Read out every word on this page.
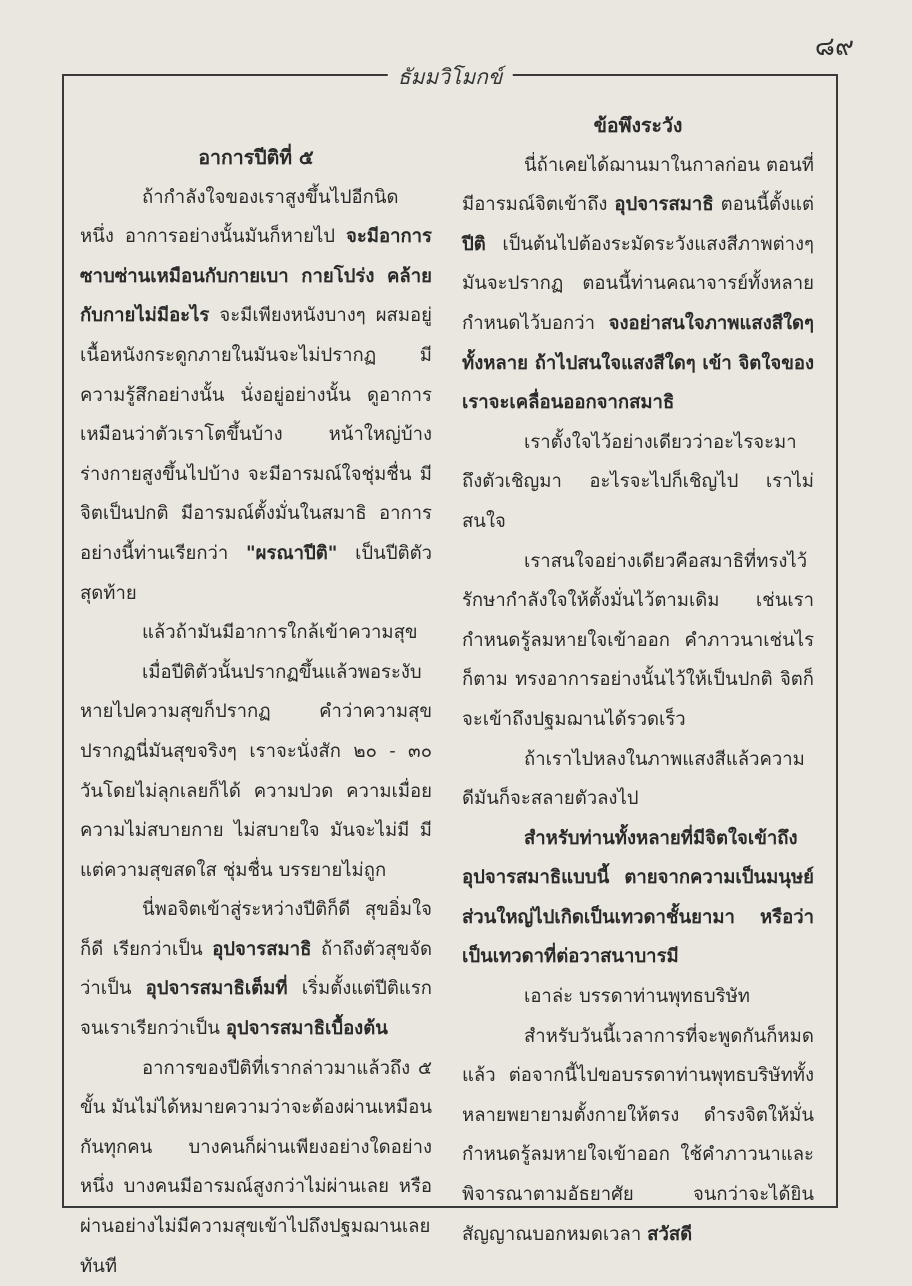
๘๙
ธัมมวิโมกข์
อาการปีติที่ ๕

ถ้ากำลังใจของเราสูงขึ้นไปอีกนิดหนึ่ง อาการอย่างนั้นมันก็หายไป จะมีอาการซาบซ่านเหมือนกับกายเบา กายโปร่ง คล้ายกับกายไม่มีอะไร จะมีเพียงหนังบางๆ ผสมอยู่ เนื้อหนังกระดูกภายในมันจะไม่ปรากฏ มีความรู้สึกอย่างนั้น นั่งอยู่อย่างนั้น ดูอาการเหมือนว่าตัวเราโตขึ้นบ้าง หน้าใหญ่บ้าง ร่างกายสูงขึ้นไปบ้าง จะมีอารมณ์ใจชุ่มชื่น มีจิตเป็นปกติ มีอารมณ์ตั้งมั่นในสมาธิ อาการอย่างนี้ท่านเรียกว่า "ผรณาปีติ" เป็นปีติตัวสุดท้าย

แล้วถ้ามันมีอาการใกล้เข้าความสุข

เมื่อปีติตัวนั้นปรากฏขึ้นแล้วพอระงับหายไปความสุขก็ปรากฏ คำว่าความสุขปรากฏนี่มันสุขจริงๆ เราจะนั่งสัก ๒๐ - ๓๐ วันโดยไม่ลุกเลยก็ได้ ความปวด ความเมื่อย ความไม่สบายกาย ไม่สบายใจ มันจะไม่มี มีแต่ความสุขสดใส ชุ่มชื่น บรรยายไม่ถูก

นี่พอจิตเข้าสู่ระหว่างปีติก็ดี สุขอิ่มใจก็ดี เรียกว่าเป็น อุปจารสมาธิ ถ้าถึงตัวสุขจัดว่าเป็น อุปจารสมาธิเต็มที่ เริ่มตั้งแต่ปีติแรกจนเราเรียกว่าเป็น อุปจารสมาธิเบื้องต้น

อาการของปีติที่เรากล่าวมาแล้วถึง ๕ ขั้น มันไม่ได้หมายความว่าจะต้องผ่านเหมือนกันทุกคน บางคนก็ผ่านเพียงอย่างใดอย่างหนึ่ง บางคนมีอารมณ์สูงกว่าไม่ผ่านเลย หรือผ่านอย่างไม่มีความสุขเข้าไปถึงปฐมฌานเลยทันที

ข้อพึงระวัง

นี่ถ้าเคยได้ฌานมาในกาลก่อน ตอนที่มีอารมณ์จิตเข้าถึง อุปจารสมาธิ ตอนนี้ตั้งแต่ ปีติ เป็นต้นไปต้องระมัดระวังแสงสีภาพต่างๆ มันจะปรากฏ ตอนนี้ท่านคณาจารย์ทั้งหลายกำหนดไว้บอกว่า จงอย่าสนใจภาพแสงสีใดๆ ทั้งหลาย ถ้าไปสนใจแสงสีใดๆ เข้า จิตใจของเราจะเคลื่อนออกจากสมาธิ

เราตั้งใจไว้อย่างเดียวว่าอะไรจะมาถึงตัวเชิญมา อะไรจะไปก็เชิญไป เราไม่สนใจ

เราสนใจอย่างเดียวคือสมาธิที่ทรงไว้รักษากำลังใจให้ตั้งมั่นไว้ตามเดิม เช่นเรากำหนดรู้ลมหายใจเข้าออก คำภาวนาเช่นไรก็ตาม ทรงอาการอย่างนั้นไว้ให้เป็นปกติ จิตก็จะเข้าถึงปฐมฌานได้รวดเร็ว

ถ้าเราไปหลงในภาพแสงสีแล้วความดีมันก็จะสลายตัวลงไป

สำหรับท่านทั้งหลายที่มีจิตใจเข้าถึงอุปจารสมาธิแบบนี้ ตายจากความเป็นมนุษย์ส่วนใหญ่ไปเกิดเป็นเทวดาชั้นยามา หรือว่าเป็นเทวดาที่ต่อวาสนาบารมี

เอาล่ะ บรรดาท่านพุทธบริษัท

สำหรับวันนี้เวลาการที่จะพูดกันก็หมดแล้ว ต่อจากนี้ไปขอบรรดาท่านพุทธบริษัททั้งหลายพยายามตั้งกายให้ตรง ดำรงจิตให้มั่นกำหนดรู้ลมหายใจเข้าออก ใช้คำภาวนาและพิจารณาตามอัธยาศัย จนกว่าจะได้ยินสัญญาณบอกหมดเวลา สวัสดี
